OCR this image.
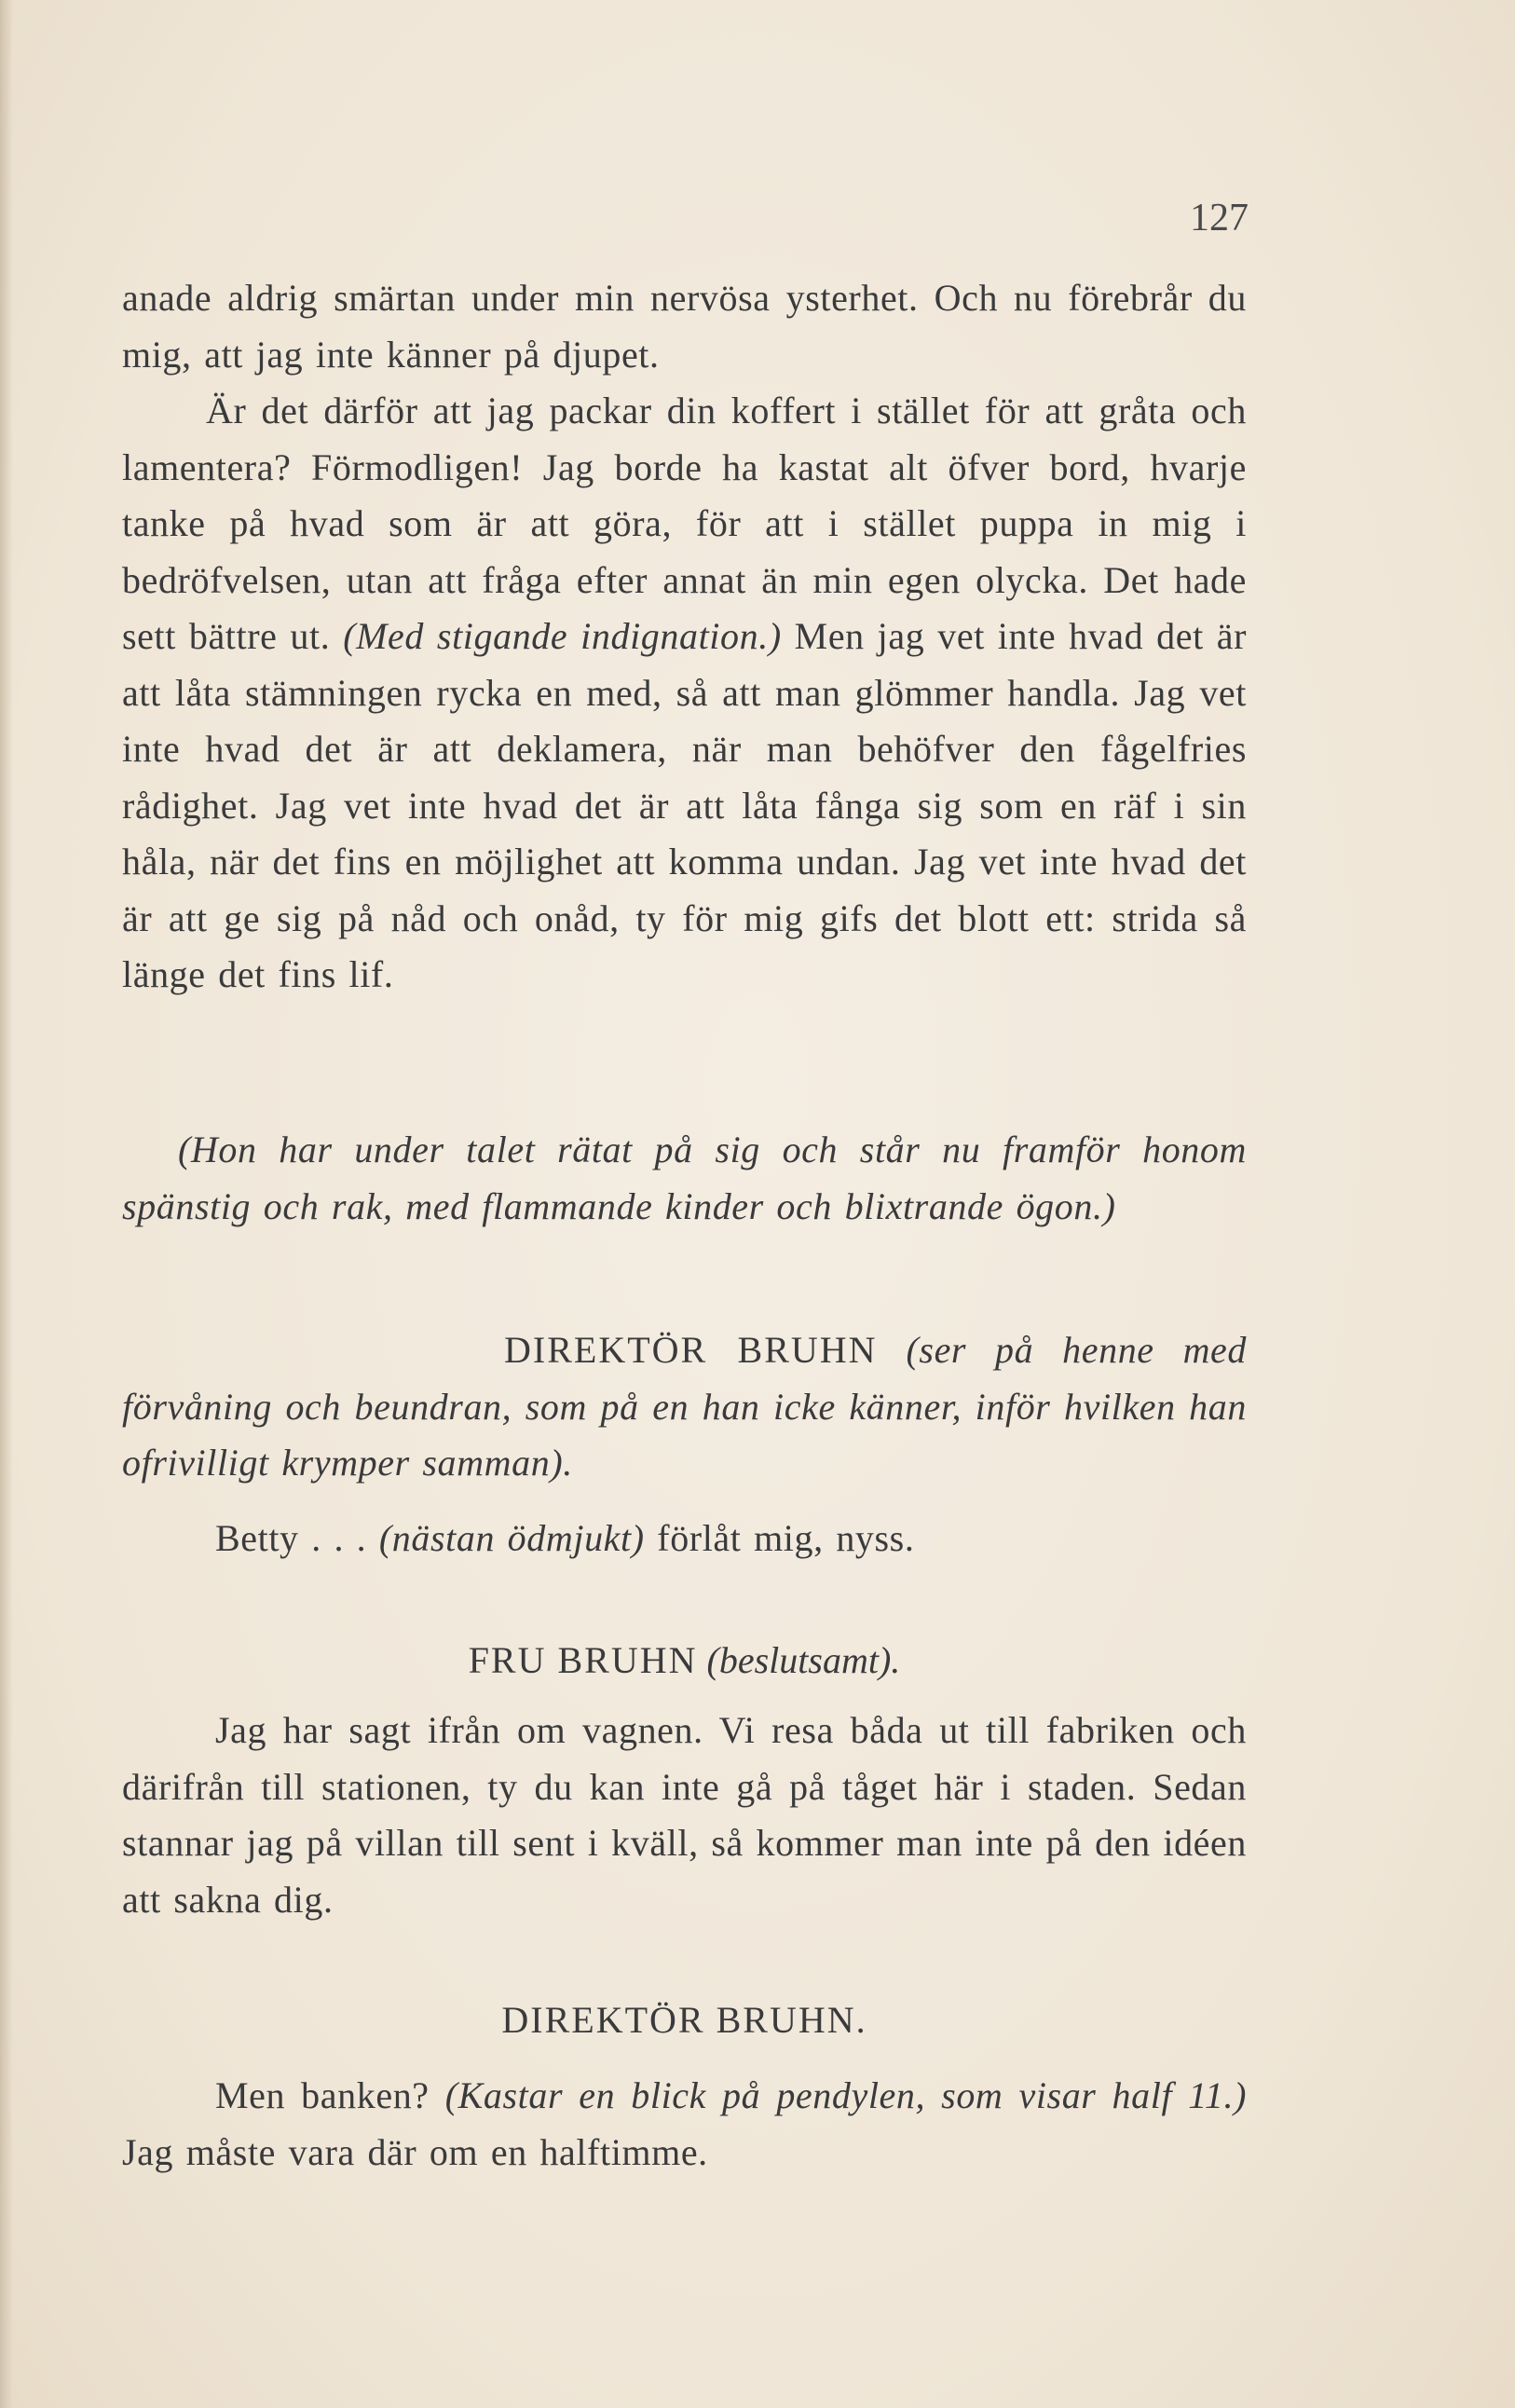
127

anade aldrig smärtan under min nervösa ysterhet. Och nu förebrår du mig, att jag inte känner på djupet.

Är det därför att jag packar din koffert i stället för att gråta och lamentera? Förmodligen! Jag borde ha kastat alt öfver bord, hvarje tanke på hvad som är att göra, för att i stället puppa in mig i bedröfvelsen, utan att fråga efter annat än min egen olycka. Det hade sett bättre ut. (Med stigande indignation.) Men jag vet inte hvad det är att låta stämningen rycka en med, så att man glömmer handla. Jag vet inte hvad det är att deklamera, när man behöfver den fågelfries rådighet. Jag vet inte hvad det är att låta fånga sig som en räf i sin håla, när det fins en möjlighet att komma undan. Jag vet inte hvad det är att ge sig på nåd och onåd, ty för mig gifs det blott ett: strida så länge det fins lif.

(Hon har under talet rätat på sig och står nu framför honom spänstig och rak, med flammande kinder och blixtrande ögon.)

DIREKTÖR BRUHN (ser på henne med förvåning och beundran, som på en han icke känner, inför hvilken han ofrivilligt krymper samman).

Betty . . . (nästan ödmjukt) förlåt mig, nyss.

FRU BRUHN (beslutsamt).

Jag har sagt ifrån om vagnen. Vi resa båda ut till fabriken och därifrån till stationen, ty du kan inte gå på tåget här i staden. Sedan stannar jag på villan till sent i kväll, så kommer man inte på den idéen att sakna dig.

DIREKTÖR BRUHN.

Men banken? (Kastar en blick på pendylen, som visar half 11.) Jag måste vara där om en halftimme.
